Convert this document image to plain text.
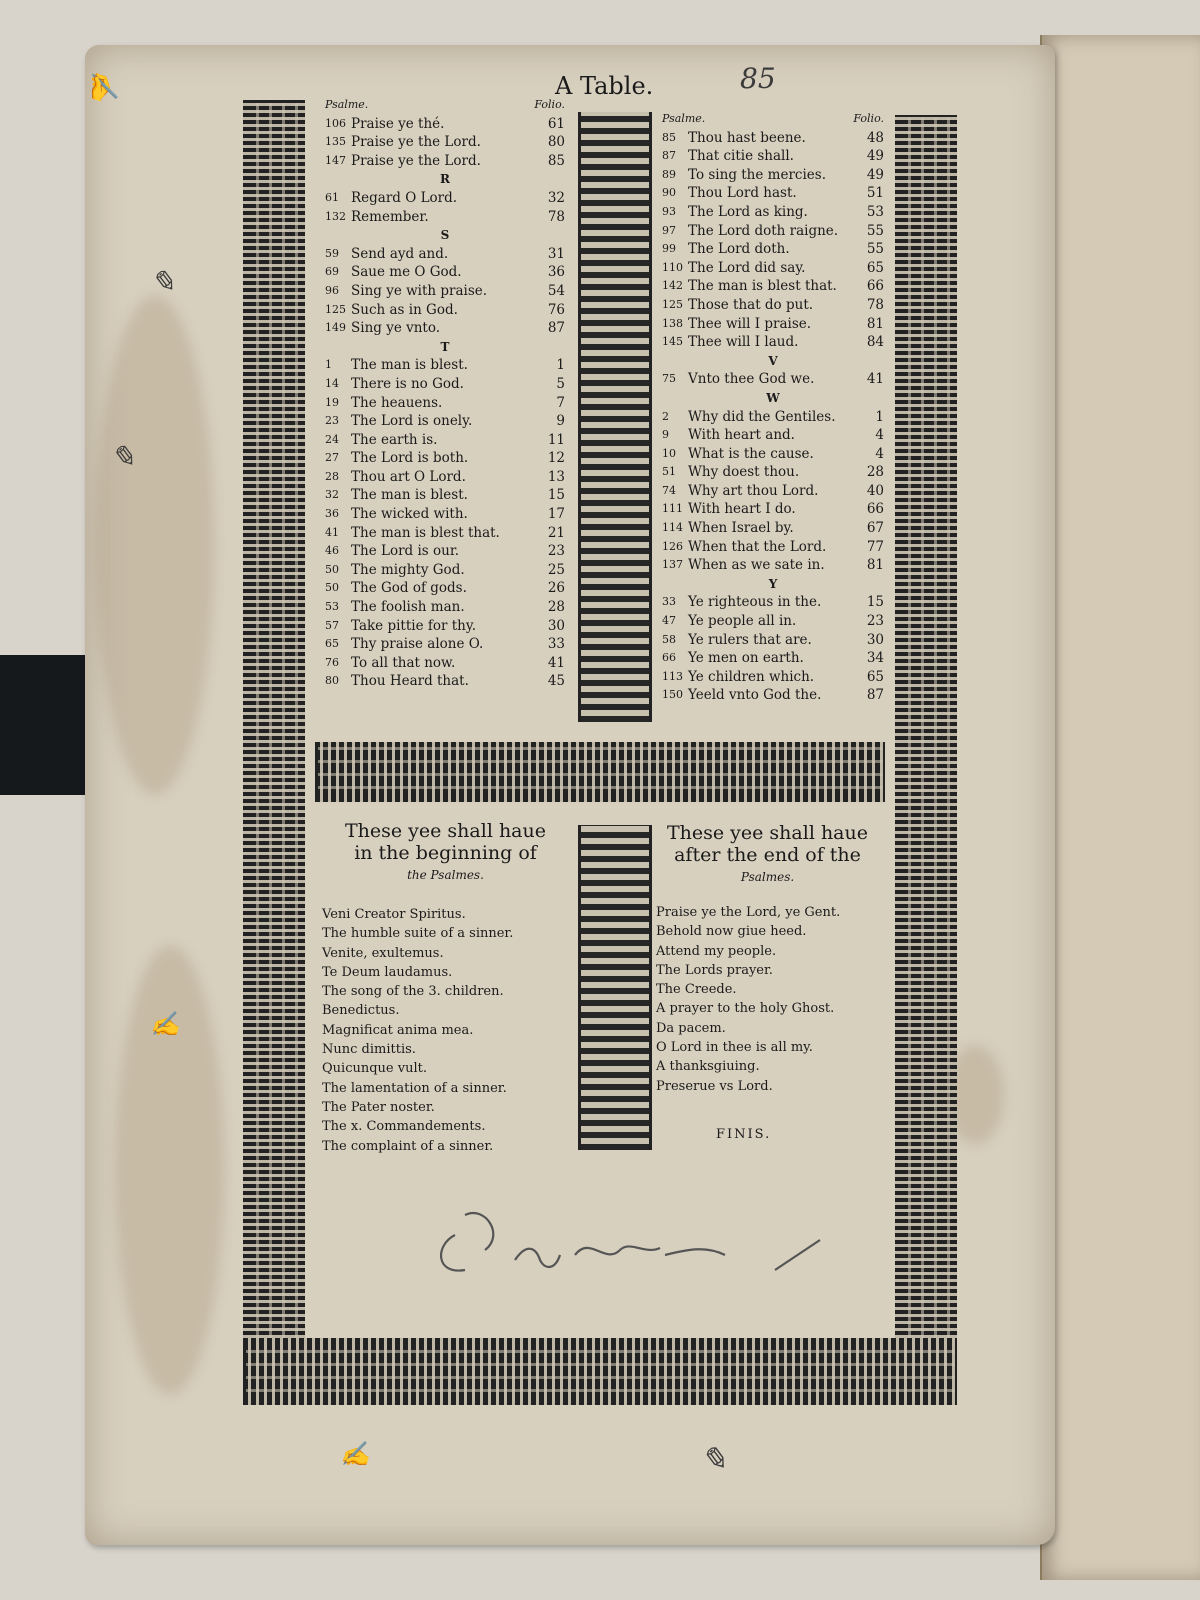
✍
✎
✎
✍
✍	✎
A Table.	85
Psalme.	Folio.
106 Praise ye thé.	61
135 Praise ye the Lord.	80
147 Praise ye the Lord.	85
R
61 Regard O Lord.	32
132 Remember.	78
S
59 Send ayd and.	31
69 Saue me O God.	36
96 Sing ye with praise.	54
125 Such as in God.	76
149 Sing ye vnto.	87
T
1	The man is blest.	1
14 There is no God.	5
19 The heauens.	7
23 The Lord is onely.	9
24 The earth is.	11
27 The Lord is both.	12
28 Thou art O Lord.	13
32 The man is blest.	15
36 The wicked with.	17
41 The man is blest that.	21
46 The Lord is our.	23
50 The mighty God.	25
50 The God of gods.	26
53 The foolish man.	28
57 Take pittie for thy.	30
65 Thy praise alone O.	33
76 To all that now.	41
80 Thou Heard that.	45
Psalme.	Folio.
85 Thou hast beene.	48
87 That citie shall.	49
89 To sing the mercies.	49
90 Thou Lord hast.	51
93 The Lord as king.	53
97 The Lord doth raigne.	55
99 The Lord doth.	55
110 The Lord did say.	65
142 The man is blest that.	66
125 Those that do put.	78
138 Thee will I praise.	81
145 Thee will I laud.	84
V
75 Vnto thee God we.	41
W
2	Why did the Gentiles.	1
9	With heart and.	4
10 What is the cause.	4
51 Why doest thou.	28
74 Why art thou Lord.	40
111 With heart I do.	66
114 When Israel by.	67
126 When that the Lord.	77
137 When as we sate in.	81
Y
33 Ye righteous in the.	15
47 Ye people all in.	23
58 Ye rulers that are.	30
66 Ye men on earth.	34
113 Ye children which.	65
150 Yeeld vnto God the.	87
These yee shall haue
in the beginning of
the Psalmes.
Veni Creator Spiritus.
The humble suite of a sinner.
Venite, exultemus.
Te Deum laudamus.
The song of the 3. children.
Benedictus.
Magnificat anima mea.
Nunc dimittis.
Quicunque vult.
The lamentation of a sinner.
The Pater noster.
The x. Commandements.
The complaint of a sinner.
These yee shall haue
after the end of the
Psalmes.
Praise ye the Lord, ye Gent.
Behold now giue heed.
Attend my people.
The Lords prayer.
The Creede.
A prayer to the holy Ghost.
Da pacem.
O Lord in thee is all my.
A thanksgiuing.
Preserue vs Lord.
FINIS.
